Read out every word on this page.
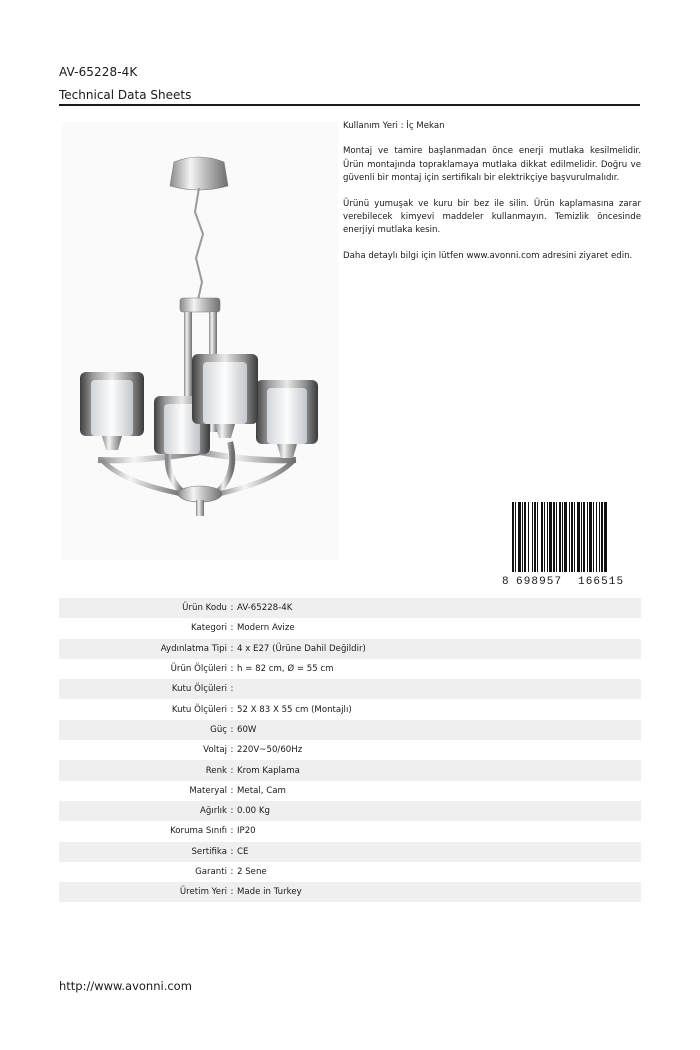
AV-65228-4K
Technical Data Sheets

Kullanım Yeri : İç Mekan

Montaj ve tamire başlanmadan önce enerji mutlaka kesilmelidir. Ürün montajında topraklamaya mutlaka dikkat edilmelidir. Doğru ve güvenli bir montaj için sertifikalı bir elektrikçiye başvurulmalıdır.

Ürünü yumuşak ve kuru bir bez ile silin. Ürün kaplamasına zarar verebilecek kimyevi maddeler kullanmayın. Temizlik öncesinde enerjiyi mutlaka kesin.

Daha detaylı bilgi için lütfen www.avonni.com adresini ziyaret edin.

8 698957 166515
Ürün Kodu : AV-65228-4K
Kategori : Modern Avize
Aydınlatma Tipi : 4 x E27 (Ürüne Dahil Değildir)
Ürün Ölçüleri : h = 82 cm, Ø = 55 cm
Kutu Ölçüleri :
Kutu Ölçüleri : 52 X 83 X 55 cm (Montajlı)
Güç : 60W
Voltaj : 220V~50/60Hz
Renk : Krom Kaplama
Materyal : Metal, Cam
Ağırlık : 0.00 Kg
Koruma Sınıfı : IP20
Sertifika : CE
Garanti : 2 Sene
Üretim Yeri : Made in Turkey
http://www.avonni.com
